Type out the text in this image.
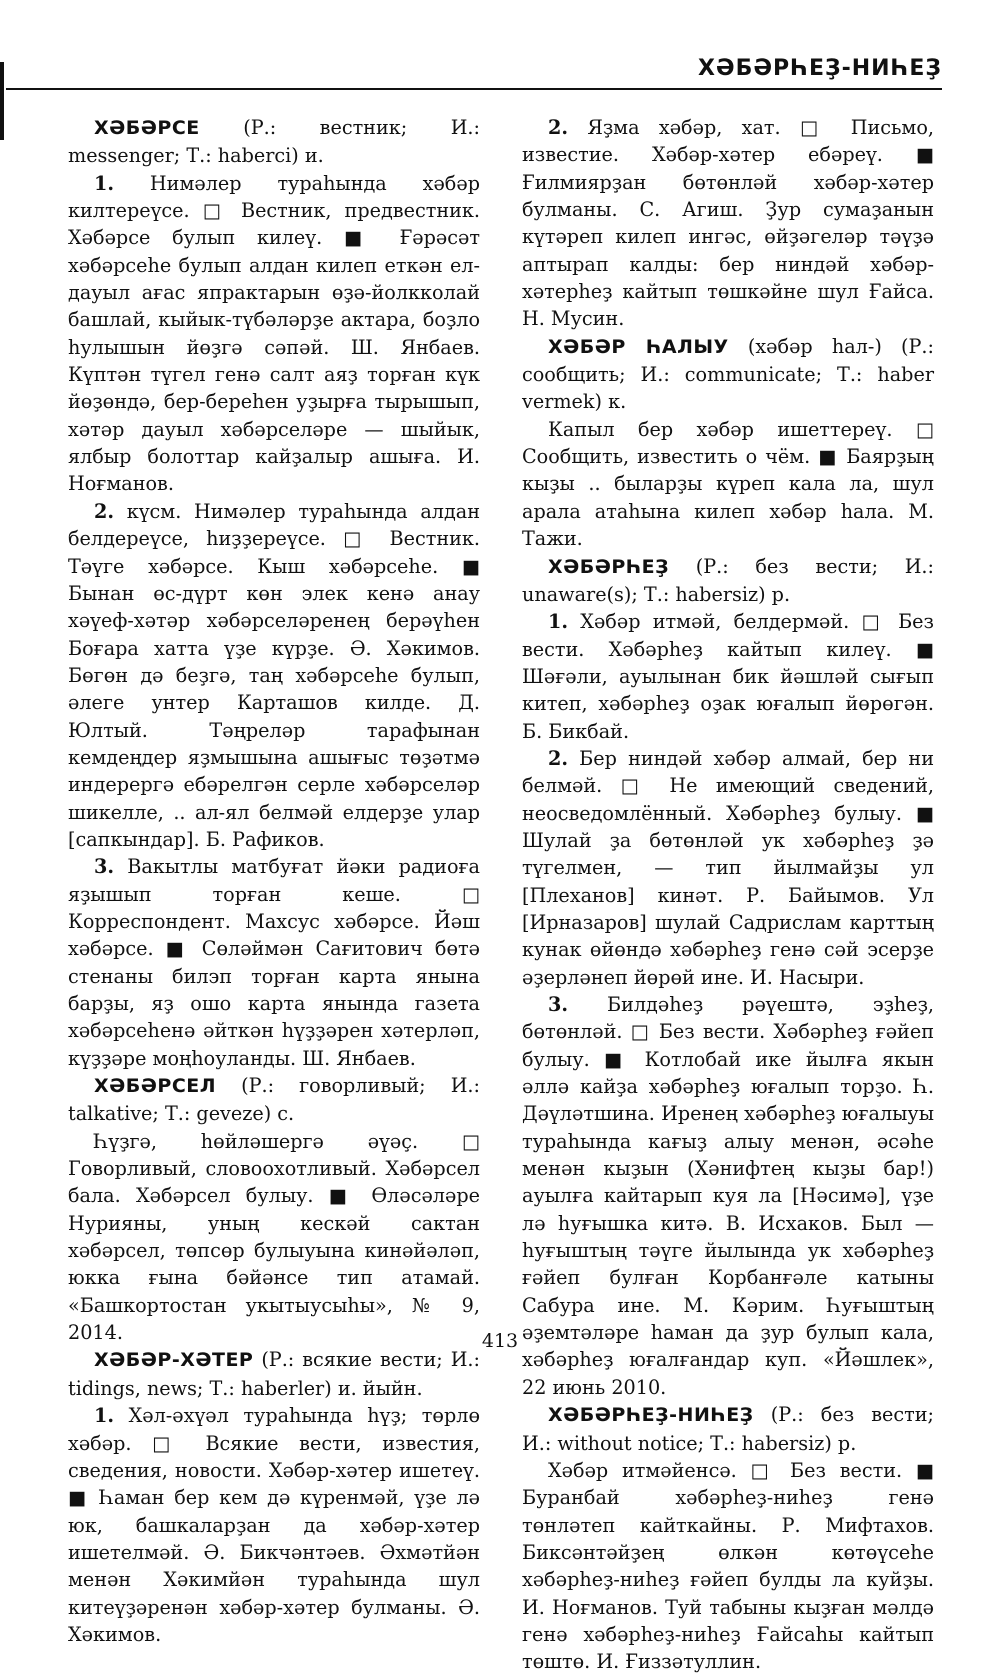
ХӘБӘРҺЕҘ-НИҺЕҘ

ХӘБӘРСЕ (Р.: вестник; И.: messenger; Т.: haberci) и.

1. Нимәлер тураһында хәбәр килтереүсе. □ Вестник, предвестник. Хәбәрсе булып килеү. ■ Ғәрәсәт хәбәрсеһе булып алдан килеп еткән ел-дауыл ағас япрактарын өҙә-йолкколай башлай, кыйык-түбәләрҙе актара, боҙло һулышын йөҙгә сәпәй. Ш. Янбаев. Күптән түгел генә салт аяҙ торған күк йөҙөндә, бер-береһен уҙырға тырышып, хәтәр дауыл хәбәрселәре — шыйык, ялбыр болоттар кайҙалыр ашыға. И. Ноғманов.

2. күсм. Нимәлер тураһында алдан белдереүсе, һиҙҙереүсе. □ Вестник. Тәүге хәбәрсе. Кыш хәбәрсеһе. ■ Бынан өс-дүрт көн элек кенә анау хәүеф-хәтәр хәбәрселәренең берәүһен Боғара хатта үҙе күрҙе. Ә. Хәкимов. Бөгөн дә беҙгә, таң хәбәрсеһе булып, әлеге унтер Карташов килде. Д. Юлтый. Тәңреләр тарафынан кемдеңдер яҙмышына ашығыс төҙәтмә индерергә ебәрелгән серле хәбәрселәр шикелле, .. ал-ял белмәй елдерҙе улар [сапкындар]. Б. Рафиков.

3. Вакытлы матбуғат йәки радиоға яҙышып торған кеше. □ Корреспондент. Махсус хәбәрсе. Йәш хәбәрсе. ■ Сөләймән Сағитович бөтә стенаны билэп торған карта янына барҙы, яҙ ошо карта янында газета хәбәрсеһенә әйткән һүҙҙәрен хәтерләп, күҙҙәре моңһоуланды. Ш. Янбаев.

ХӘБӘРСЕЛ (Р.: говорливый; И.: talkative; Т.: geveze) с.

Һүҙгә, һөйләшергә әүәҫ. □ Говорливый, словоохотливый. Хәбәрсел бала. Хәбәрсел булыу. ■ Өләсәләре Нурияны, уның кескәй сактан хәбәрсел, төпсөр булыуына кинәйәләп, юкка ғына бәйәнсе тип атамай. «Башкортостан укытыусыһы», № 9, 2014.

ХӘБӘР-ХӘТЕР (Р.: всякие вести; И.: tidings, news; Т.: haberler) и. йыйн.

1. Хәл-әхүәл тураһында һүҙ; төрлө хәбәр. □ Всякие вести, известия, сведения, новости. Хәбәр-хәтер ишетеү. ■ Һаман бер кем дә күренмәй, үҙе лә юк, башкаларҙан да хәбәр-хәтер ишетелмәй. Ә. Бикчәнтәев. Әхмәтйән менән Хәкимйән тураһында шул китеүҙәренән хәбәр-хәтер булманы. Ә. Хәкимов.

2. Яҙма хәбәр, хат. □ Письмо, известие. Хәбәр-хәтер ебәреү. ■ Ғилмиярҙан бөтөнләй хәбәр-хәтер булманы. С. Агиш. Ҙур сумаҙанын күтәреп килеп ингәс, өйҙәгеләр тәүҙә аптырап калды: бер ниндәй хәбәр-хәтерһеҙ кайтып төшкәйне шул Ғайса. Н. Мусин.

ХӘБӘР ҺАЛЫУ (хәбәр һал-) (Р.: сообщить; И.: communicate; Т.: haber vermek) к.

Капыл бер хәбәр ишеттереү. □ Сообщить, известить о чём. ■ Баярҙың кыҙы .. быларҙы күреп кала ла, шул арала атаһына килеп хәбәр һала. М. Тажи.

ХӘБӘРҺЕҘ (Р.: без вести; И.: unaware(s); Т.: habersiz) р.

1. Хәбәр итмәй, белдермәй. □ Без вести. Хәбәрһеҙ кайтып килеү. ■ Шәғәли, ауылынан бик йәшләй сығып китеп, хәбәрһеҙ оҙак юғалып йөрөгән. Б. Бикбай.

2. Бер ниндәй хәбәр алмай, бер ни белмәй. □ Не имеющий сведений, неосведомлённый. Хәбәрһеҙ булыу. ■ Шулай ҙа бөтөнләй ук хәбәрһеҙ ҙә түгелмен, — тип йылмайҙы ул [Плеханов] кинәт. Р. Байымов. Ул [Ирназаров] шулай Садрислам карттың кунак өйөндә хәбәрһеҙ генә сәй эсерҙе әҙерләнеп йөрөй ине. И. Насыри.

3. Билдәһеҙ рәүештә, эҙһеҙ, бөтөнләй. □ Без вести. Хәбәрһеҙ ғәйеп булыу. ■ Котлобай икe йылға якын әллә кайҙа хәбәрһеҙ юғалып торҙо. Һ. Дәүләтшина. Иренең хәбәрһеҙ юғалыуы тураһында кағыҙ алыу менән, әсәһе менән кыҙын (Хәнифтең кыҙы бар!) ауылға кайтарып куя ла [Нәсимә], үҙе лә һуғышка китә. В. Исхаков. Был — һуғыштың тәүге йылында ук хәбәрһеҙ ғәйеп булған Корбанғәле катыны Сабура ине. М. Кәрим. Һуғыштың әҙемтәләре һаман да ҙур булып кала, хәбәрһеҙ юғалғандар куп. «Йәшлек», 22 июнь 2010.

ХӘБӘРҺЕҘ-НИҺЕҘ (Р.: без вести; И.: without notice; Т.: habersiz) р.

Хәбәр итмәйенсә. □ Без вести. ■ Буранбай хәбәрһеҙ-ниһеҙ генә төнләтеп кайткайны. Р. Мифтахов. Биксәнтәйҙең өлкән көтөүсеһе хәбәрһеҙ-ниһеҙ ғәйеп булды ла куйҙы. И. Ноғманов. Туй табыны кыҙған мәлдә генә хәбәрһеҙ-ниһеҙ Ғайсаһы кайтып төштө. И. Ғиззәтуллин.

413
